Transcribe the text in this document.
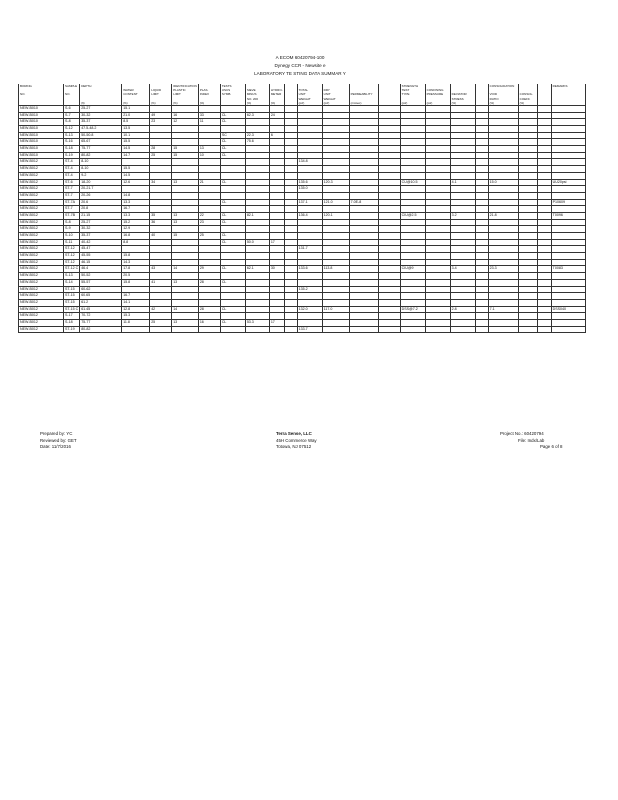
A ECOM 60420794-100
Dynegy CCR - Newsite e
LABORATORY TE STING DATA SUMMAR Y
BORING	SAMPLE	DEPTH			IDENTIFICATION		TESTS								STRENGTH				CONSOLIDATION			REMARKS
			WATER	LIQUID	PLASTIC	PLAS.	USCS	SIEVE	HYDRO-		TOTAL	DRY			TEST	CONFINING						
NO.	NO.		CONTENT	LIMIT	LIMIT	INDEX	SYMB.	MINUS	METER		UNIT	UNIT	PERMEABILITY		TYPE	PRESSURE	DEVIATOR		VOID	CONSOL.		
								NO. 200			WEIGHT	WEIGHT					STRESS		RATIO	COEFF.		
		(ft)	(%)	(%)	(%)	(%)		(%)	(%)		(pcf)	(pcf)	(cm/sec)		(psf)	(psf)	(%)		(%)	(%)		
NEW-B010	S-6	25-27	15.1																			
NEW-B010	S-7	30-32	21.0	49	16	33	CL	62.3	24													
NEW-B010	S-8	35-37	8.5	23	12	11	CL															
NEW-B010	S-12	47.5-48.2	13.5																			
NEW-B010	S-13	50-50.8	10.1				SC	22.3	6													
NEW-B010	S-16	65-67	15.5				CL	75.6														
NEW-B010	S-18	75-77	14.5	28	15	13	CL															
NEW-B010	S-19	80-82	14.7	25	15	10	CL															
NEW-B012	ST-4	8-10									134.8											
NEW-B012	ST-4	8-10	15.5																			
NEW-B012	ST-4	9-2	14.5																			
NEW-B012	ST-6	18-20	12.6	34	13	21	CL				135.6	120.3			CU@10.5		4.1		15.0			UU20psi
NEW-B012	ST-7	20-21.7									135.0											
NEW-B012	ST-7	20-26	14.8																			
NEW-B012	ST-7A	20.6	13.3				CL				137.1	121.0	7.0E-8									P10609
NEW-B012	ST-7	20.8	16.7																			
NEW-B012	ST-7B	21.15	13.3	35	13	22	CL	82.1			136.4	120.1			CIU@2.5		3.2		21.8			T0096
NEW-B012	S-8	25-27	15.2	36	13	23	CL															
NEW-B012	S-9	30-32	12.9																			
NEW-B012	S-10	35-37	16.8	40	15	25	CL															
NEW-B012	S-11	40-42	8.8				CL	50.0	17													
NEW-B012	ST-12	45-47									131.7											
NEW-B012	ST-12	45-55	15.8																			
NEW-B012	ST-12	46.15	14.3																			
NEW-B012	ST-12 C	46.4	17.8	43	14	29	CL	62.1	30		133.6	113.8			CIU@9		3.4		23.3			T0083
NEW-B012	S-13	50-52	20.5																			
NEW-B012	S-14	55-57	15.8	41	13	28	CL															
NEW-B012	ST-15	60-62									135.2											
NEW-B012	ST-15	60.65	16.7																			
NEW-B012	ST-15	61.2	14.1																			
NEW-B012	ST-15 C	61.45	12.8	42	14	28	CL				132.0	117.0			DSS@7.2		2.8		7.1			DSS040
NEW-B012	S-17	70-72	15.3																			
NEW-B012	S-18	75-77	11.8	25	13	16	CL	53.3	17													
NEW-B012	ST-19	80-82									133.7											
Prepared by: YC
Reviewed by: GET
Date: 11/7/2016
Terra Sense, LLC
45H Commerce Way
Totowa, NJ 07512
Project No.: 60420794
File: Indx/Lab
Page 6 of 8
